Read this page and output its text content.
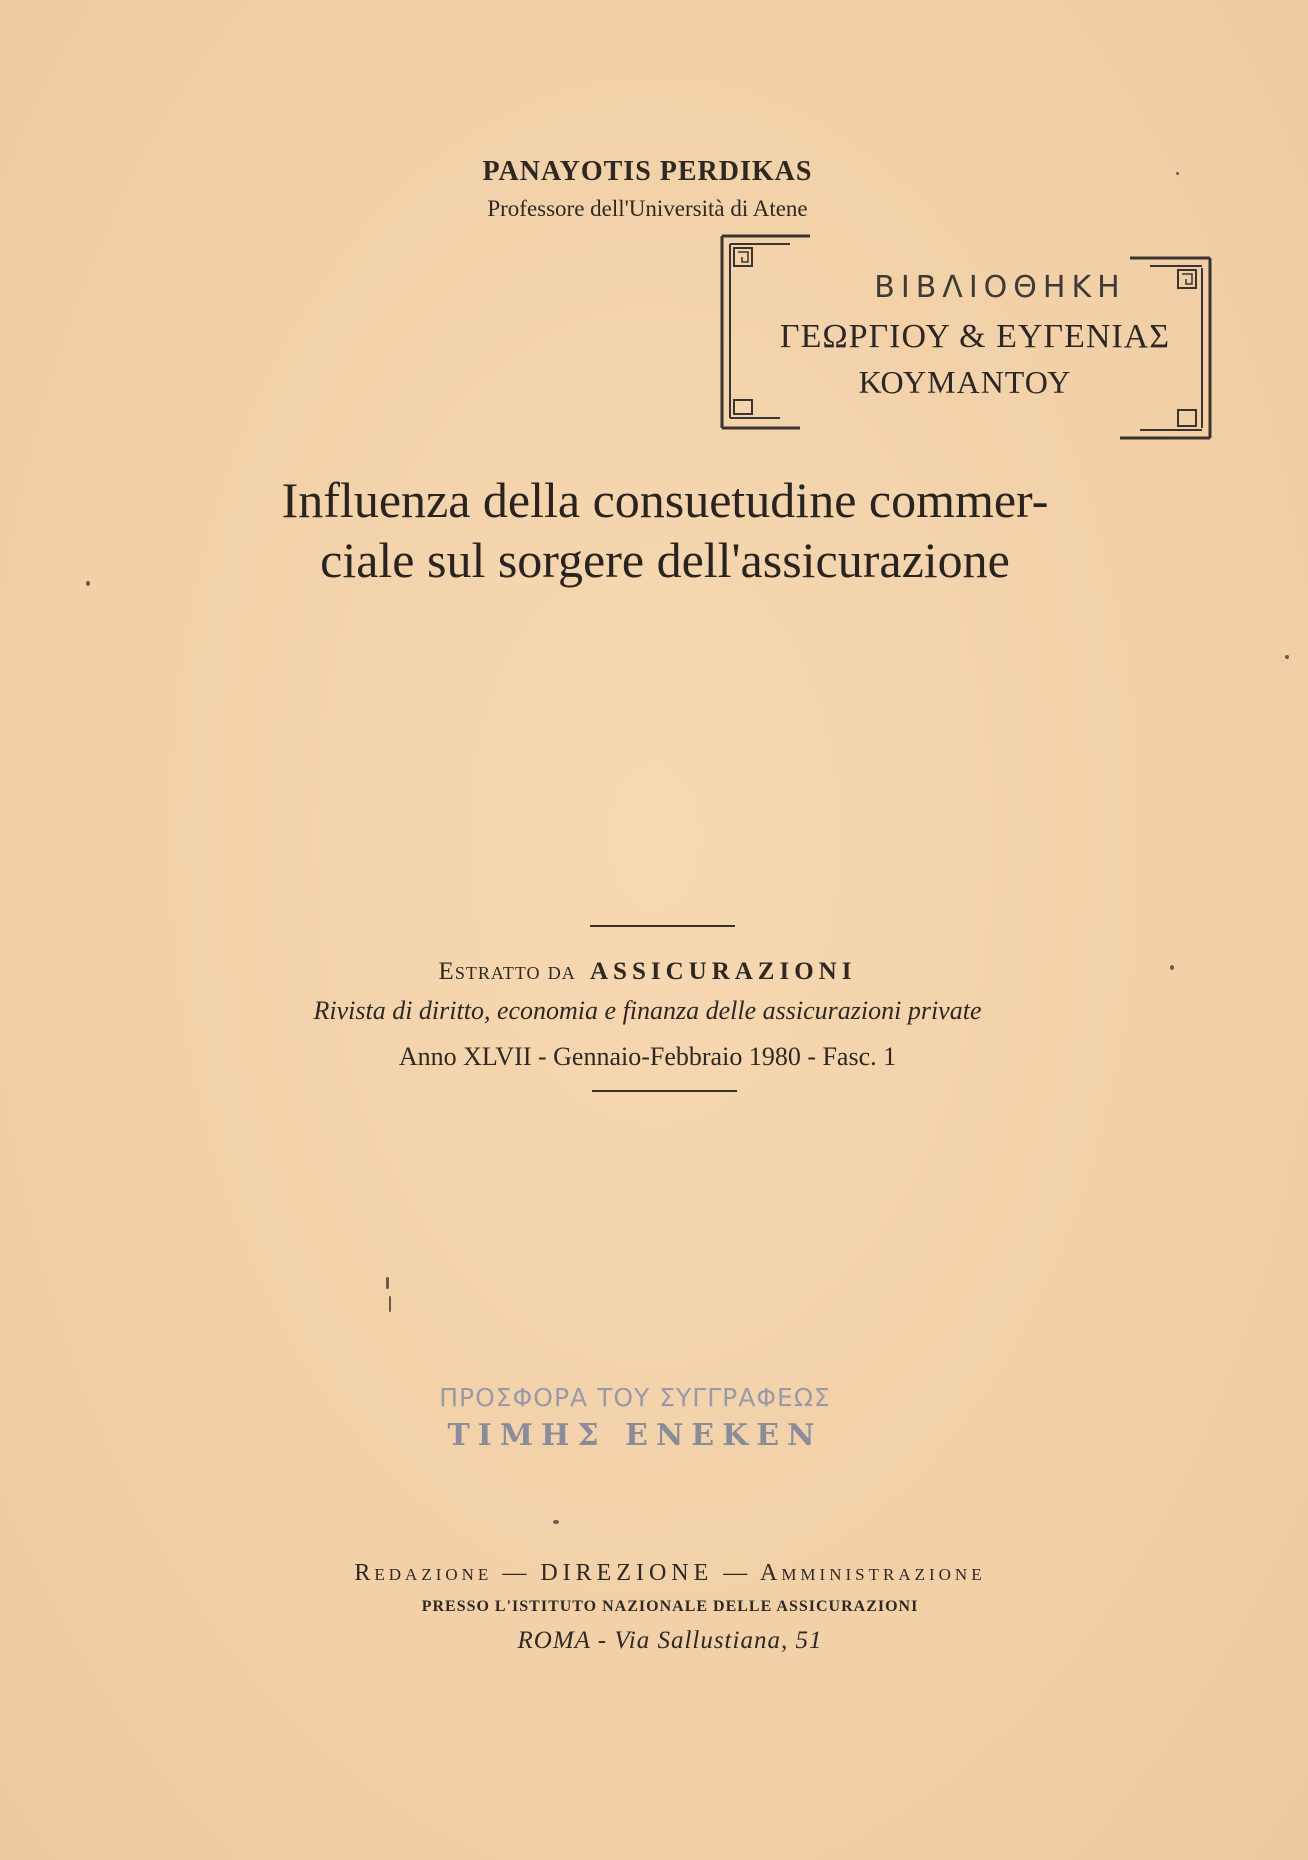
PANAYOTIS PERDIKAS
Professore dell'Università di Atene
ΒΙΒΛΙΟΘΗΚΗ
ΓΕΩΡΓΙΟΥ & ΕΥΓΕΝΙΑΣ
ΚΟΥΜΑΝΤΟΥ
Influenza della consuetudine commer-
ciale sul sorgere dell'assicurazione
Estratto da ASSICURAZIONI
Rivista di diritto, economia e finanza delle assicurazioni private
Anno XLVII - Gennaio-Febbraio 1980 - Fasc. 1
ΠΡΟΣΦΟΡΑ ΤΟΥ ΣΥΓΓΡΑΦΕΩΣ
ΤΙΜΗΣ ΕΝΕΚΕΝ
Redazione — DIREZIONE — Amministrazione
PRESSO L'ISTITUTO NAZIONALE DELLE ASSICURAZIONI
ROMA - Via Sallustiana, 51
